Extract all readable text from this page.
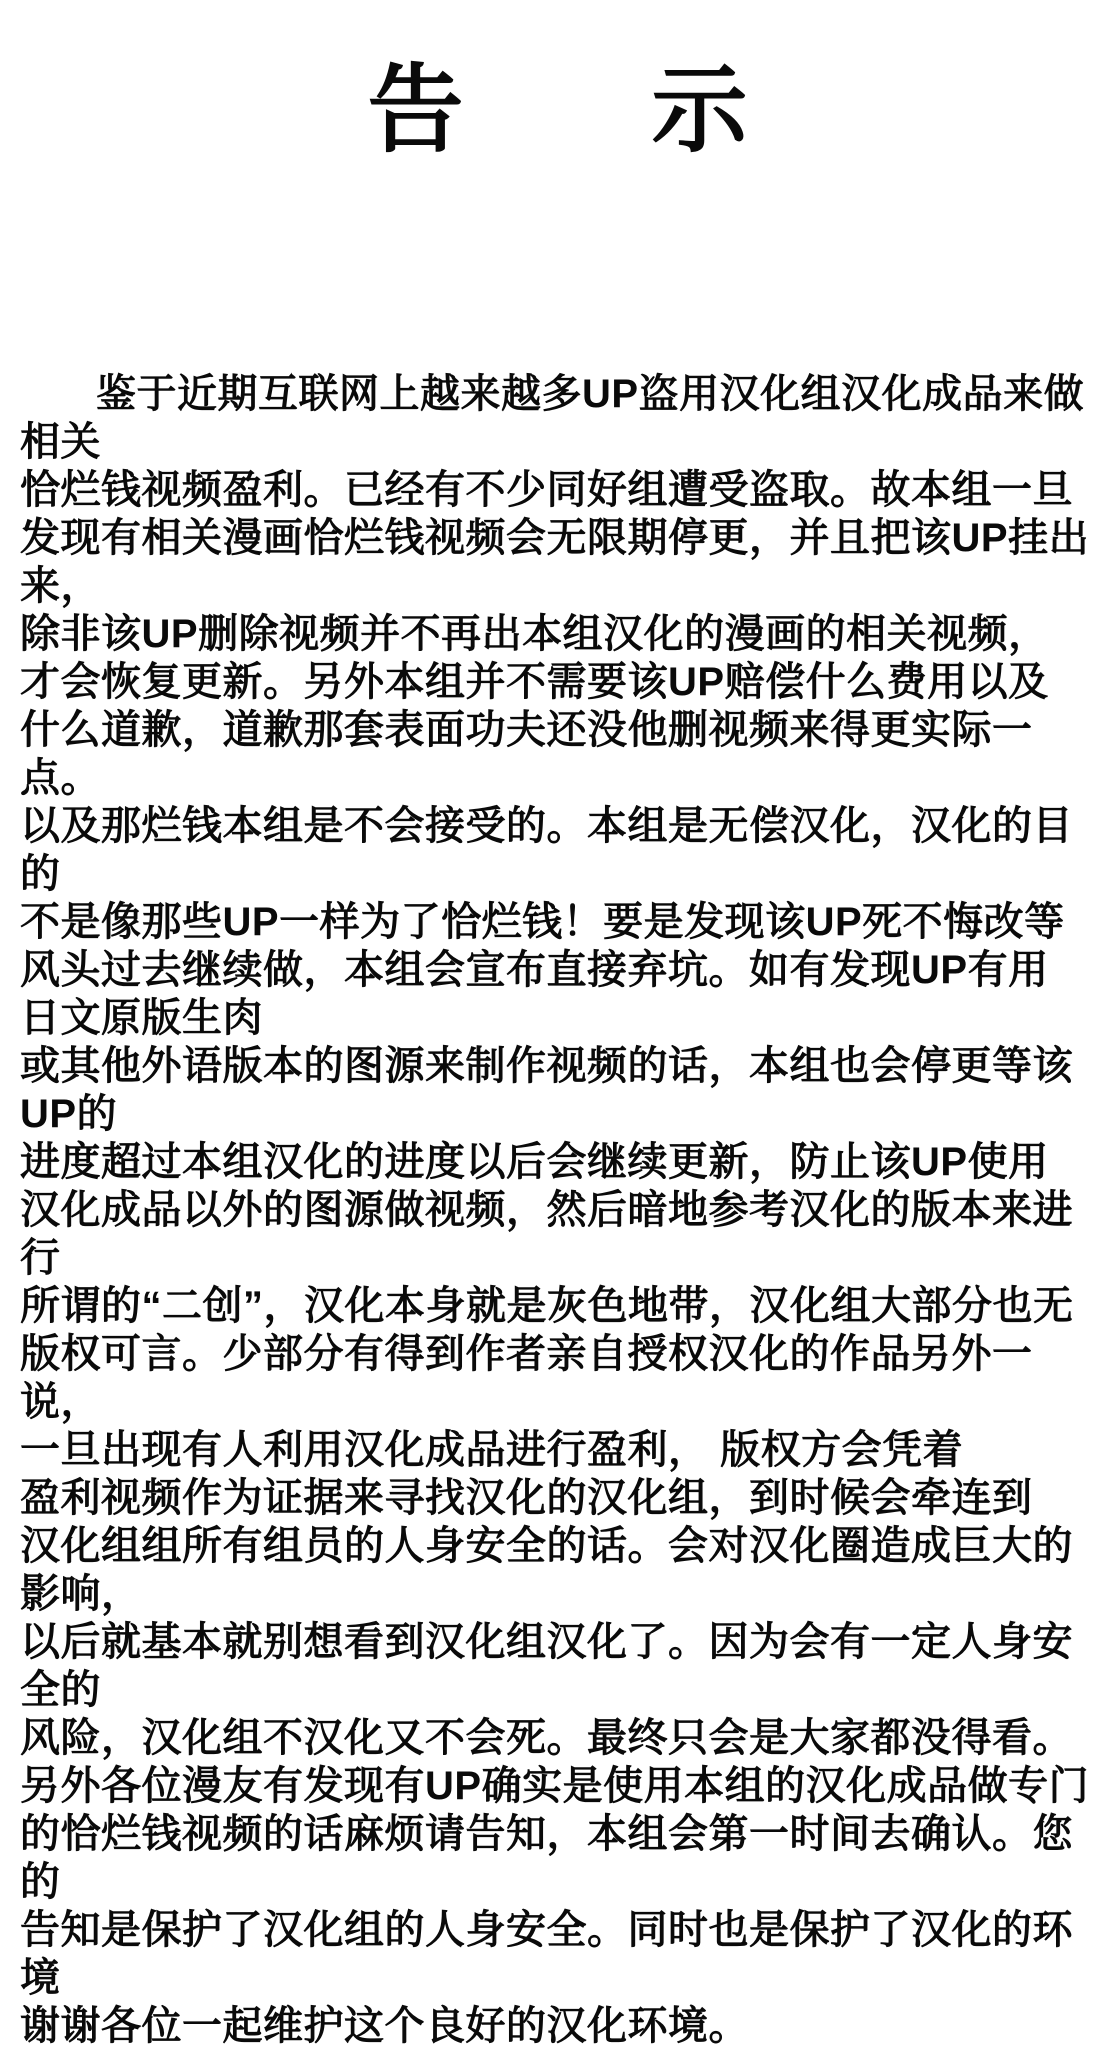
告 示
鉴于近期互联网上越来越多UP盗用汉化组汉化成品来做相关
恰烂钱视频盈利。已经有不少同好组遭受盗取。故本组一旦
发现有相关漫画恰烂钱视频会无限期停更，并且把该UP挂出来，
除非该UP删除视频并不再出本组汉化的漫画的相关视频，
才会恢复更新。另外本组并不需要该UP赔偿什么费用以及
什么道歉，道歉那套表面功夫还没他删视频来得更实际一点。
以及那烂钱本组是不会接受的。本组是无偿汉化，汉化的目的
不是像那些UP一样为了恰烂钱！要是发现该UP死不悔改等
风头过去继续做，本组会宣布直接弃坑。如有发现UP有用
日文原版生肉
或其他外语版本的图源来制作视频的话，本组也会停更等该UP的
进度超过本组汉化的进度以后会继续更新，防止该UP使用
汉化成品以外的图源做视频，然后暗地参考汉化的版本来进行
所谓的“二创”，汉化本身就是灰色地带，汉化组大部分也无
版权可言。少部分有得到作者亲自授权汉化的作品另外一说，
一旦出现有人利用汉化成品进行盈利， 版权方会凭着
盈利视频作为证据来寻找汉化的汉化组，到时候会牵连到
汉化组组所有组员的人身安全的话。会对汉化圈造成巨大的影响，
以后就基本就别想看到汉化组汉化了。因为会有一定人身安全的
风险，汉化组不汉化又不会死。最终只会是大家都没得看。
另外各位漫友有发现有UP确实是使用本组的汉化成品做专门
的恰烂钱视频的话麻烦请告知，本组会第一时间去确认。您的
告知是保护了汉化组的人身安全。同时也是保护了汉化的环境
谢谢各位一起维护这个良好的汉化环境。
